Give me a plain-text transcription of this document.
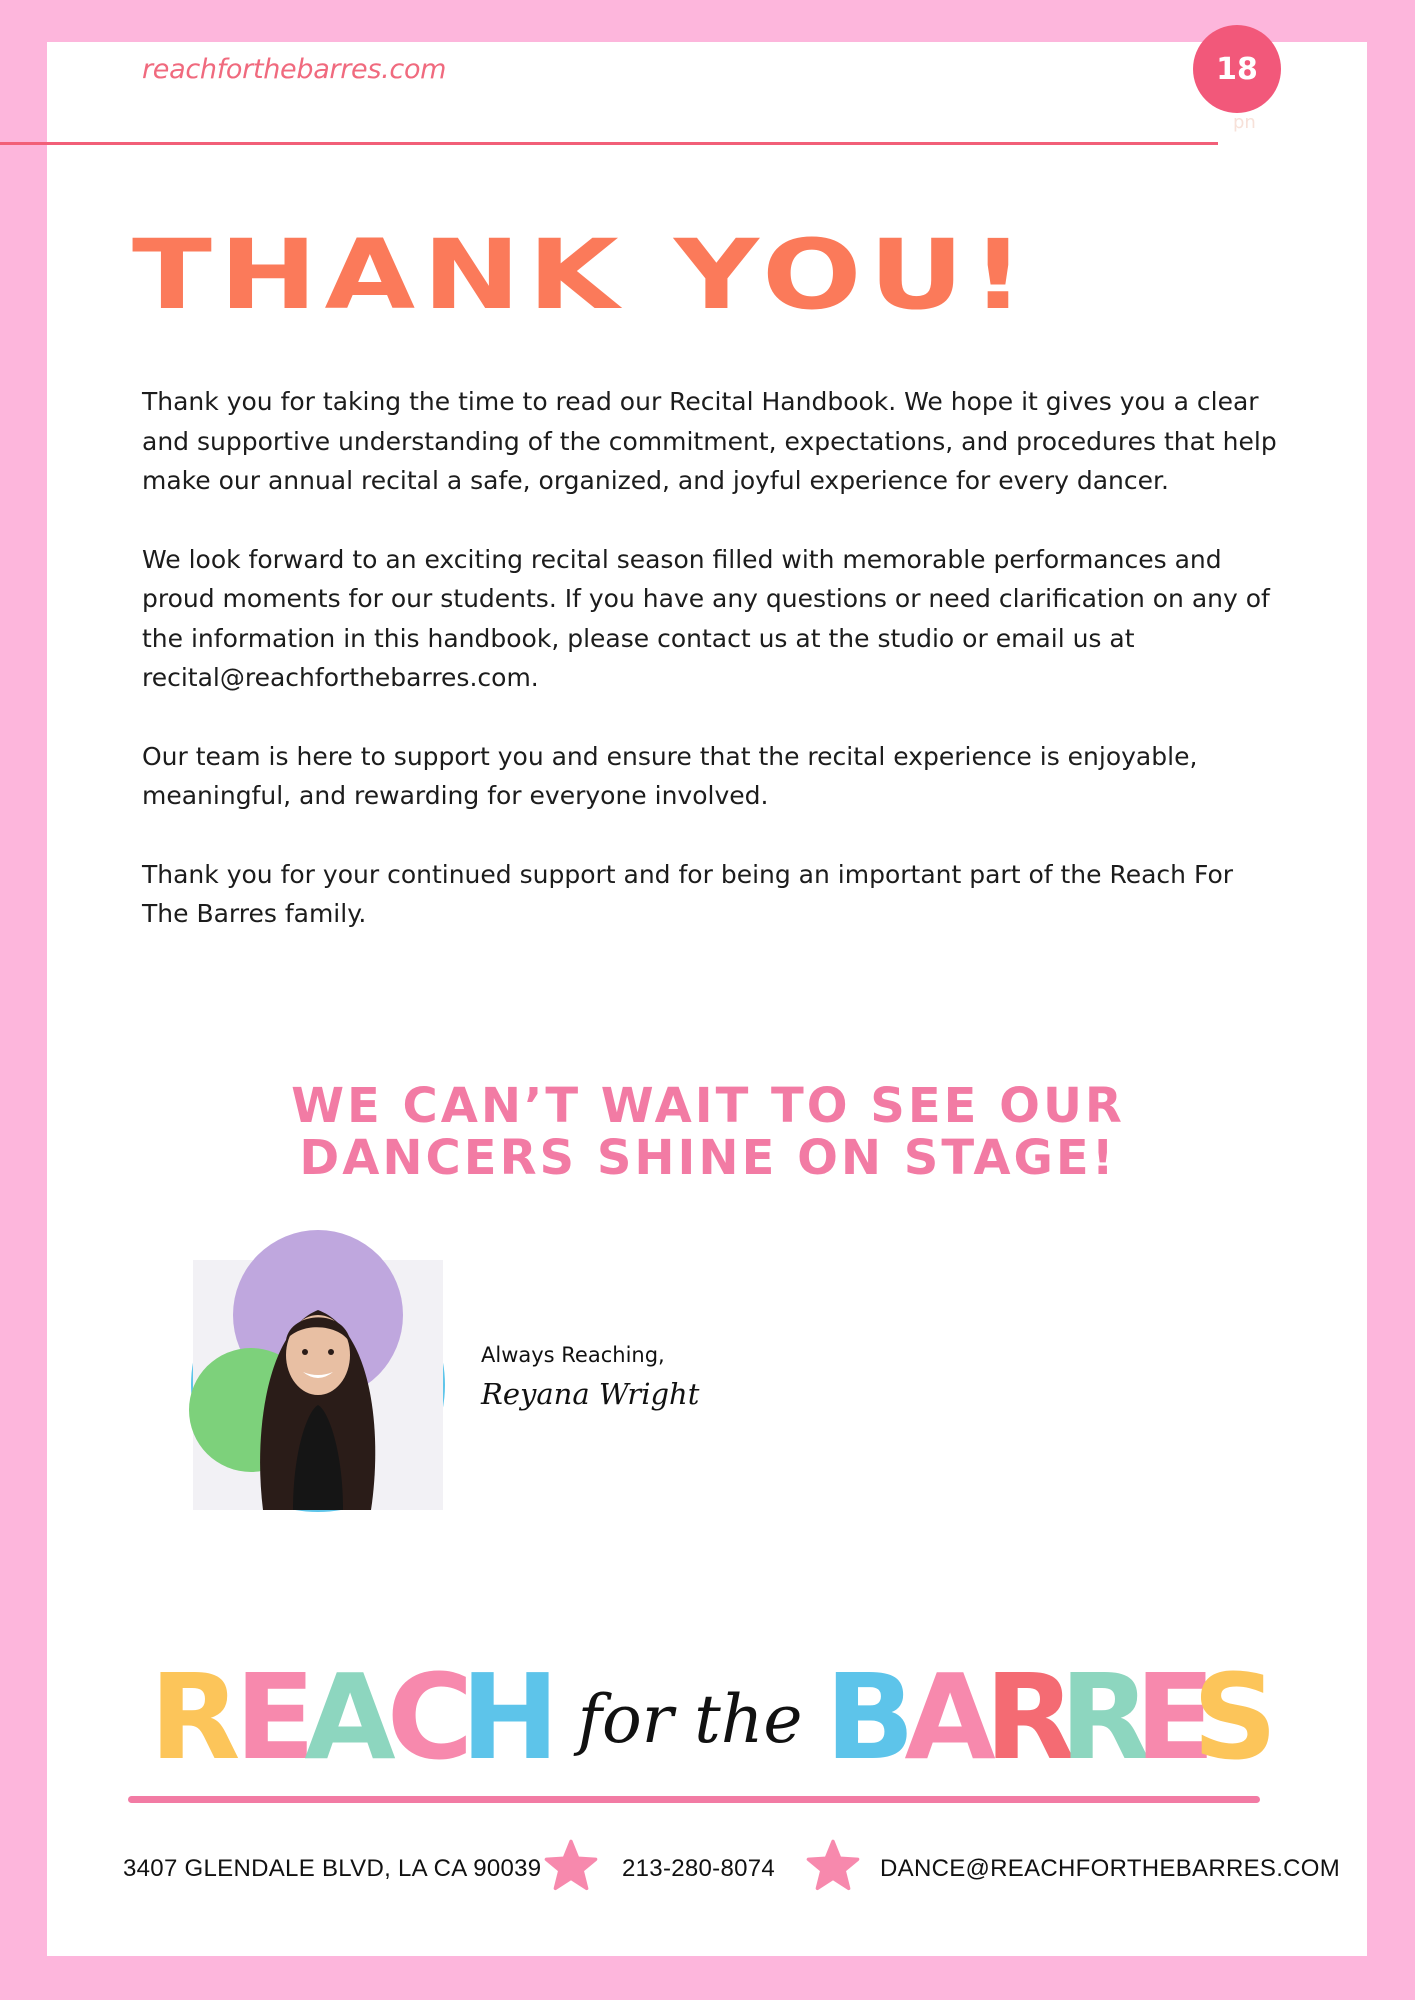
reachforthebarres.com	18
pn
THANK YOU!

Thank you for taking the time to read our Recital Handbook. We hope it gives you a clear and supportive understanding of the commitment, expectations, and procedures that help make our annual recital a safe, organized, and joyful experience for every dancer.

We look forward to an exciting recital season filled with memorable performances and proud moments for our students. If you have any questions or need clarification on any of the information in this handbook, please contact us at the studio or email us at recital@reachforthebarres.com.

Our team is here to support you and ensure that the recital experience is enjoyable, meaningful, and rewarding for everyone involved.

Thank you for your continued support and for being an important part of the Reach For The Barres family.

WE CAN’T WAIT TO SEE OUR
DANCERS SHINE ON STAGE!
Always Reaching,
Reyana Wright
R
E
A
C
H B
A
R
R
E
S
for the
3407 GLENDALE BLVD, LA CA 90039	213-280-8074	DANCE@REACHFORTHEBARRES.COM
